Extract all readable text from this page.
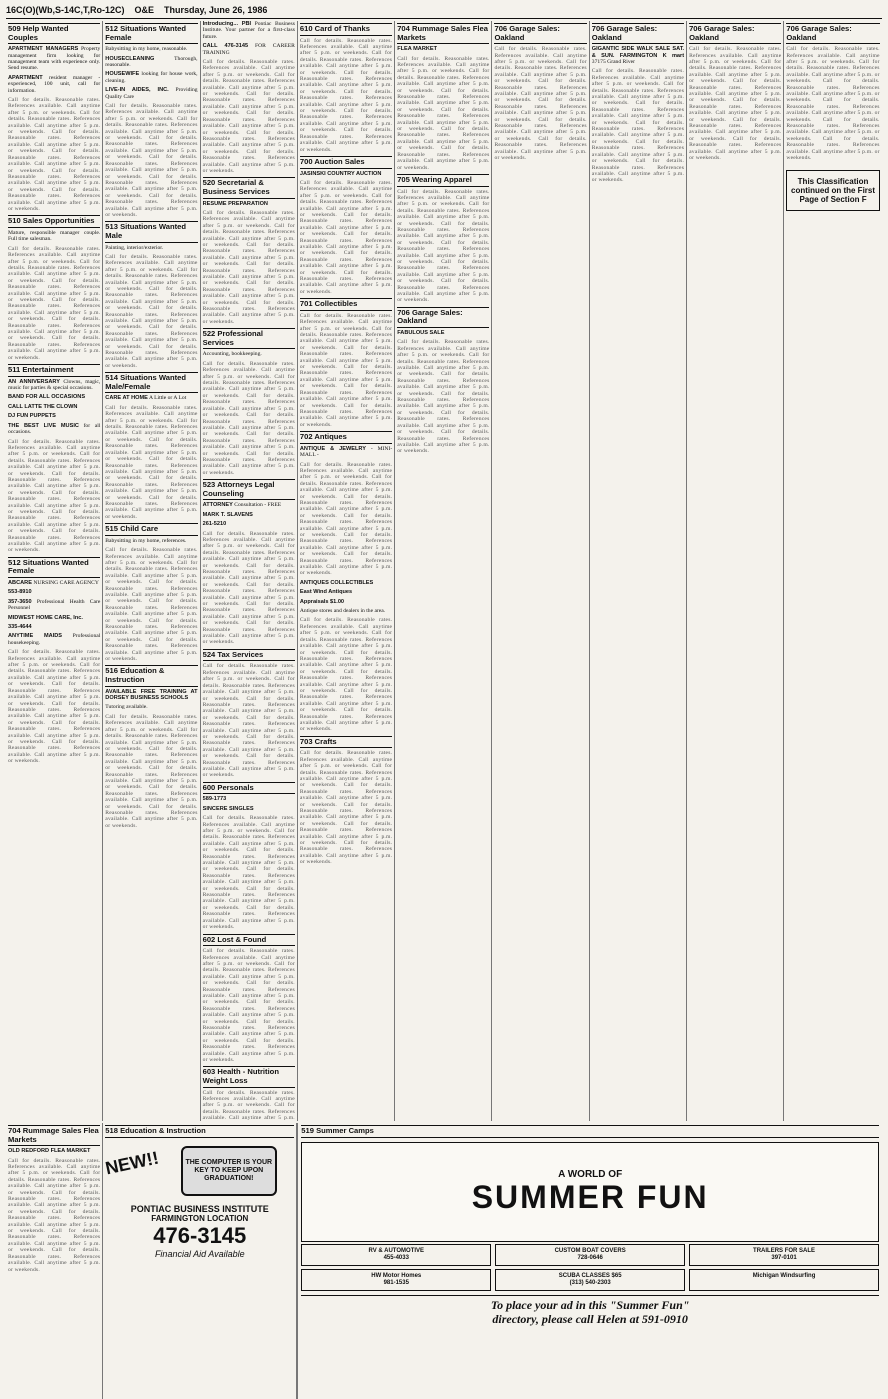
16C(O)(Wb,S-14C,T,Ro-12C) O&E Thursday, June 26, 1986
509 Help Wanted Couples
APARTMENT MANAGERS Property management firm looking for management team with experience only. Send resume.
APARTMENT resident manager - experienced, 100 unit, call for information.
Call for details. Reasonable rates. References available. Call anytime after 5 p.m. or weekends. Call for details. Reasonable rates. References available. Call anytime after 5 p.m. or weekends. Call for details. Reasonable rates. References available. Call anytime after 5 p.m. or weekends. Call for details. Reasonable rates. References available. Call anytime after 5 p.m. or weekends. Call for details. Reasonable rates. References available. Call anytime after 5 p.m. or weekends. Call for details. Reasonable rates. References available. Call anytime after 5 p.m. or weekends.
510 Sales Opportunities
Mature, responsible manager couple. Full time salesman.
Call for details. Reasonable rates. References available. Call anytime after 5 p.m. or weekends. Call for details. Reasonable rates. References available. Call anytime after 5 p.m. or weekends. Call for details. Reasonable rates. References available. Call anytime after 5 p.m. or weekends. Call for details. Reasonable rates. References available. Call anytime after 5 p.m. or weekends. Call for details. Reasonable rates. References available. Call anytime after 5 p.m. or weekends. Call for details. Reasonable rates. References available. Call anytime after 5 p.m. or weekends.
511 Entertainment
AN ANNIVERSARY Clowns, magic, music for parties & special occasions.
BAND FOR ALL OCCASIONS
CALL LATTE THE CLOWN
DJ FUN PUPPETS
THE BEST LIVE MUSIC for all occasions.
Call for details. Reasonable rates. References available. Call anytime after 5 p.m. or weekends. Call for details. Reasonable rates. References available. Call anytime after 5 p.m. or weekends. Call for details. Reasonable rates. References available. Call anytime after 5 p.m. or weekends. Call for details. Reasonable rates. References available. Call anytime after 5 p.m. or weekends. Call for details. Reasonable rates. References available. Call anytime after 5 p.m. or weekends. Call for details. Reasonable rates. References available. Call anytime after 5 p.m. or weekends.
512 Situations Wanted Female
ABCARE NURSING CARE AGENCY
553-8910
357-3650 Professional Health Care Personnel
MIDWEST HOME CARE, Inc.
335-4644
ANYTIME MAIDS Professional housekeeping.
Call for details. Reasonable rates. References available. Call anytime after 5 p.m. or weekends. Call for details. Reasonable rates. References available. Call anytime after 5 p.m. or weekends. Call for details. Reasonable rates. References available. Call anytime after 5 p.m. or weekends. Call for details. Reasonable rates. References available. Call anytime after 5 p.m. or weekends. Call for details. Reasonable rates. References available. Call anytime after 5 p.m. or weekends. Call for details. Reasonable rates. References available. Call anytime after 5 p.m. or weekends.
512 Situations Wanted Female
Babysitting in my home, reasonable.
HOUSECLEANING	Thorough, reasonable.
HOUSEWIFE looking for house work, cleaning.
LIVE-IN AIDES, INC. Providing Quality Care
Call for details. Reasonable rates. References available. Call anytime after 5 p.m. or weekends. Call for details. Reasonable rates. References available. Call anytime after 5 p.m. or weekends. Call for details. Reasonable rates. References available. Call anytime after 5 p.m. or weekends. Call for details. Reasonable rates. References available. Call anytime after 5 p.m. or weekends. Call for details. Reasonable rates. References available. Call anytime after 5 p.m. or weekends. Call for details. Reasonable rates. References available. Call anytime after 5 p.m. or weekends.
513 Situations Wanted Male
Painting, interior/exterior.
Call for details. Reasonable rates. References available. Call anytime after 5 p.m. or weekends. Call for details. Reasonable rates. References available. Call anytime after 5 p.m. or weekends. Call for details. Reasonable rates. References available. Call anytime after 5 p.m. or weekends. Call for details. Reasonable rates. References available. Call anytime after 5 p.m. or weekends. Call for details. Reasonable rates. References available. Call anytime after 5 p.m. or weekends. Call for details. Reasonable rates. References available. Call anytime after 5 p.m. or weekends.
514 Situations Wanted Male/Female
CARE AT HOME A Little or A Lot
Call for details. Reasonable rates. References available. Call anytime after 5 p.m. or weekends. Call for details. Reasonable rates. References available. Call anytime after 5 p.m. or weekends. Call for details. Reasonable rates. References available. Call anytime after 5 p.m. or weekends. Call for details. Reasonable rates. References available. Call anytime after 5 p.m. or weekends. Call for details. Reasonable rates. References available. Call anytime after 5 p.m. or weekends. Call for details. Reasonable rates. References available. Call anytime after 5 p.m. or weekends.
515 Child Care
Babysitting in my home, references.
Call for details. Reasonable rates. References available. Call anytime after 5 p.m. or weekends. Call for details. Reasonable rates. References available. Call anytime after 5 p.m. or weekends. Call for details. Reasonable rates. References available. Call anytime after 5 p.m. or weekends. Call for details. Reasonable rates. References available. Call anytime after 5 p.m. or weekends. Call for details. Reasonable rates. References available. Call anytime after 5 p.m. or weekends. Call for details. Reasonable rates. References available. Call anytime after 5 p.m. or weekends.
516 Education & Instruction
AVAILABLE FREE TRAINING AT DORSEY BUSINESS SCHOOLS
Tutoring available.
Call for details. Reasonable rates. References available. Call anytime after 5 p.m. or weekends. Call for details. Reasonable rates. References available. Call anytime after 5 p.m. or weekends. Call for details. Reasonable rates. References available. Call anytime after 5 p.m. or weekends. Call for details. Reasonable rates. References available. Call anytime after 5 p.m. or weekends. Call for details. Reasonable rates. References available. Call anytime after 5 p.m. or weekends. Call for details. Reasonable rates. References available. Call anytime after 5 p.m. or weekends.
Introducing... PBI Pontiac Business Institute. Your partner for a first-class future.
CALL 476-3145 FOR CAREER TRAINING
Call for details. Reasonable rates. References available. Call anytime after 5 p.m. or weekends. Call for details. Reasonable rates. References available. Call anytime after 5 p.m. or weekends. Call for details. Reasonable rates. References available. Call anytime after 5 p.m. or weekends. Call for details. Reasonable rates. References available. Call anytime after 5 p.m. or weekends. Call for details. Reasonable rates. References available. Call anytime after 5 p.m. or weekends. Call for details. Reasonable rates. References available. Call anytime after 5 p.m. or weekends.
520 Secretarial & Business Services
RESUME PREPARATION
Call for details. Reasonable rates. References available. Call anytime after 5 p.m. or weekends. Call for details. Reasonable rates. References available. Call anytime after 5 p.m. or weekends. Call for details. Reasonable rates. References available. Call anytime after 5 p.m. or weekends. Call for details. Reasonable rates. References available. Call anytime after 5 p.m. or weekends. Call for details. Reasonable rates. References available. Call anytime after 5 p.m. or weekends. Call for details. Reasonable rates. References available. Call anytime after 5 p.m. or weekends.
522 Professional Services
Accounting, bookkeeping.
Call for details. Reasonable rates. References available. Call anytime after 5 p.m. or weekends. Call for details. Reasonable rates. References available. Call anytime after 5 p.m. or weekends. Call for details. Reasonable rates. References available. Call anytime after 5 p.m. or weekends. Call for details. Reasonable rates. References available. Call anytime after 5 p.m. or weekends. Call for details. Reasonable rates. References available. Call anytime after 5 p.m. or weekends. Call for details. Reasonable rates. References available. Call anytime after 5 p.m. or weekends.
523 Attorneys Legal Counseling
ATTORNEY Consultation - FREE
MARK T. SLAVENS
261-5210
Call for details. Reasonable rates. References available. Call anytime after 5 p.m. or weekends. Call for details. Reasonable rates. References available. Call anytime after 5 p.m. or weekends. Call for details. Reasonable rates. References available. Call anytime after 5 p.m. or weekends. Call for details. Reasonable rates. References available. Call anytime after 5 p.m. or weekends. Call for details. Reasonable rates. References available. Call anytime after 5 p.m. or weekends. Call for details. Reasonable rates. References available. Call anytime after 5 p.m. or weekends.
524 Tax Services
Call for details. Reasonable rates. References available. Call anytime after 5 p.m. or weekends. Call for details. Reasonable rates. References available. Call anytime after 5 p.m. or weekends. Call for details. Reasonable rates. References available. Call anytime after 5 p.m. or weekends. Call for details. Reasonable rates. References available. Call anytime after 5 p.m. or weekends. Call for details. Reasonable rates. References available. Call anytime after 5 p.m. or weekends. Call for details. Reasonable rates. References available. Call anytime after 5 p.m. or weekends.
600 Personals
589-1773
SINCERE SINGLES
Call for details. Reasonable rates. References available. Call anytime after 5 p.m. or weekends. Call for details. Reasonable rates. References available. Call anytime after 5 p.m. or weekends. Call for details. Reasonable rates. References available. Call anytime after 5 p.m. or weekends. Call for details. Reasonable rates. References available. Call anytime after 5 p.m. or weekends. Call for details. Reasonable rates. References available. Call anytime after 5 p.m. or weekends. Call for details. Reasonable rates. References available. Call anytime after 5 p.m. or weekends.
602 Lost & Found
Call for details. Reasonable rates. References available. Call anytime after 5 p.m. or weekends. Call for details. Reasonable rates. References available. Call anytime after 5 p.m. or weekends. Call for details. Reasonable rates. References available. Call anytime after 5 p.m. or weekends. Call for details. Reasonable rates. References available. Call anytime after 5 p.m. or weekends. Call for details. Reasonable rates. References available. Call anytime after 5 p.m. or weekends. Call for details. Reasonable rates. References available. Call anytime after 5 p.m. or weekends.
603 Health - Nutrition Weight Loss
Call for details. Reasonable rates. References available. Call anytime after 5 p.m. or weekends. Call for details. Reasonable rates. References available. Call anytime after 5 p.m.
610 Card of Thanks
Call for details. Reasonable rates. References available. Call anytime after 5 p.m. or weekends. Call for details. Reasonable rates. References available. Call anytime after 5 p.m. or weekends. Call for details. Reasonable rates. References available. Call anytime after 5 p.m. or weekends. Call for details. Reasonable rates. References available. Call anytime after 5 p.m. or weekends. Call for details. Reasonable rates. References available. Call anytime after 5 p.m. or weekends. Call for details. Reasonable rates. References available. Call anytime after 5 p.m. or weekends.
700 Auction Sales
JASINSKI COUNTRY AUCTION
Call for details. Reasonable rates. References available. Call anytime after 5 p.m. or weekends. Call for details. Reasonable rates. References available. Call anytime after 5 p.m. or weekends. Call for details. Reasonable rates. References available. Call anytime after 5 p.m. or weekends. Call for details. Reasonable rates. References available. Call anytime after 5 p.m. or weekends. Call for details. Reasonable rates. References available. Call anytime after 5 p.m. or weekends. Call for details. Reasonable rates. References available. Call anytime after 5 p.m. or weekends.
701 Collectibles
Call for details. Reasonable rates. References available. Call anytime after 5 p.m. or weekends. Call for details. Reasonable rates. References available. Call anytime after 5 p.m. or weekends. Call for details. Reasonable rates. References available. Call anytime after 5 p.m. or weekends. Call for details. Reasonable rates. References available. Call anytime after 5 p.m. or weekends. Call for details. Reasonable rates. References available. Call anytime after 5 p.m. or weekends. Call for details. Reasonable rates. References available. Call anytime after 5 p.m. or weekends.
702 Antiques
ANTIQUE & JEWELRY - MINI-MALL -
Call for details. Reasonable rates. References available. Call anytime after 5 p.m. or weekends. Call for details. Reasonable rates. References available. Call anytime after 5 p.m. or weekends. Call for details. Reasonable rates. References available. Call anytime after 5 p.m. or weekends. Call for details. Reasonable rates. References available. Call anytime after 5 p.m. or weekends. Call for details. Reasonable rates. References available. Call anytime after 5 p.m. or weekends. Call for details. Reasonable rates. References available. Call anytime after 5 p.m. or weekends.
ANTIQUES COLLECTIBLES
East Wind Antiques
Appraisals $1.00
Antique stores and dealers in the area.
Call for details. Reasonable rates. References available. Call anytime after 5 p.m. or weekends. Call for details. Reasonable rates. References available. Call anytime after 5 p.m. or weekends. Call for details. Reasonable rates. References available. Call anytime after 5 p.m. or weekends. Call for details. Reasonable rates. References available. Call anytime after 5 p.m. or weekends. Call for details. Reasonable rates. References available. Call anytime after 5 p.m. or weekends. Call for details. Reasonable rates. References available. Call anytime after 5 p.m. or weekends.
703 Crafts
Call for details. Reasonable rates. References available. Call anytime after 5 p.m. or weekends. Call for details. Reasonable rates. References available. Call anytime after 5 p.m. or weekends. Call for details. Reasonable rates. References available. Call anytime after 5 p.m. or weekends. Call for details. Reasonable rates. References available. Call anytime after 5 p.m. or weekends. Call for details. Reasonable rates. References available. Call anytime after 5 p.m. or weekends. Call for details. Reasonable rates. References available. Call anytime after 5 p.m. or weekends.
704 Rummage Sales Flea Markets
FLEA MARKET
Call for details. Reasonable rates. References available. Call anytime after 5 p.m. or weekends. Call for details. Reasonable rates. References available. Call anytime after 5 p.m. or weekends. Call for details. Reasonable rates. References available. Call anytime after 5 p.m. or weekends. Call for details. Reasonable rates. References available. Call anytime after 5 p.m. or weekends. Call for details. Reasonable rates. References available. Call anytime after 5 p.m. or weekends. Call for details. Reasonable rates. References available. Call anytime after 5 p.m. or weekends.
705 Wearing Apparel
Call for details. Reasonable rates. References available. Call anytime after 5 p.m. or weekends. Call for details. Reasonable rates. References available. Call anytime after 5 p.m. or weekends. Call for details. Reasonable rates. References available. Call anytime after 5 p.m. or weekends. Call for details. Reasonable rates. References available. Call anytime after 5 p.m. or weekends. Call for details. Reasonable rates. References available. Call anytime after 5 p.m. or weekends. Call for details. Reasonable rates. References available. Call anytime after 5 p.m. or weekends.
706 Garage Sales: Oakland
FABULOUS SALE
Call for details. Reasonable rates. References available. Call anytime after 5 p.m. or weekends. Call for details. Reasonable rates. References available. Call anytime after 5 p.m. or weekends. Call for details. Reasonable rates. References available. Call anytime after 5 p.m. or weekends. Call for details. Reasonable rates. References available. Call anytime after 5 p.m. or weekends. Call for details. Reasonable rates. References available. Call anytime after 5 p.m. or weekends. Call for details. Reasonable rates. References available. Call anytime after 5 p.m. or weekends.
706 Garage Sales: Oakland
Call for details. Reasonable rates. References available. Call anytime after 5 p.m. or weekends. Call for details. Reasonable rates. References available. Call anytime after 5 p.m. or weekends. Call for details. Reasonable rates. References available. Call anytime after 5 p.m. or weekends. Call for details. Reasonable rates. References available. Call anytime after 5 p.m. or weekends. Call for details. Reasonable rates. References available. Call anytime after 5 p.m. or weekends. Call for details. Reasonable rates. References available. Call anytime after 5 p.m. or weekends.
706 Garage Sales: Oakland
GIGANTIC SIDE WALK SALE SAT. & SUN. FARMINGTON K mart 37175 Grand River
Call for details. Reasonable rates. References available. Call anytime after 5 p.m. or weekends. Call for details. Reasonable rates. References available. Call anytime after 5 p.m. or weekends. Call for details. Reasonable rates. References available. Call anytime after 5 p.m. or weekends. Call for details. Reasonable rates. References available. Call anytime after 5 p.m. or weekends. Call for details. Reasonable rates. References available. Call anytime after 5 p.m. or weekends. Call for details. Reasonable rates. References available. Call anytime after 5 p.m. or weekends.
706 Garage Sales: Oakland
Call for details. Reasonable rates. References available. Call anytime after 5 p.m. or weekends. Call for details. Reasonable rates. References available. Call anytime after 5 p.m. or weekends. Call for details. Reasonable rates. References available. Call anytime after 5 p.m. or weekends. Call for details. Reasonable rates. References available. Call anytime after 5 p.m. or weekends. Call for details. Reasonable rates. References available. Call anytime after 5 p.m. or weekends. Call for details. Reasonable rates. References available. Call anytime after 5 p.m. or weekends.
706 Garage Sales: Oakland
Call for details. Reasonable rates. References available. Call anytime after 5 p.m. or weekends. Call for details. Reasonable rates. References available. Call anytime after 5 p.m. or weekends. Call for details. Reasonable rates. References available. Call anytime after 5 p.m. or weekends. Call for details. Reasonable rates. References available. Call anytime after 5 p.m. or weekends. Call for details. Reasonable rates. References available. Call anytime after 5 p.m. or weekends. Call for details. Reasonable rates. References available. Call anytime after 5 p.m. or weekends.
This Classification continued on the First Page of Section F
704 Rummage Sales Flea Markets
OLD REDFORD FLEA MARKET
Call for details. Reasonable rates. References available. Call anytime after 5 p.m. or weekends. Call for details. Reasonable rates. References available. Call anytime after 5 p.m. or weekends. Call for details. Reasonable rates. References available. Call anytime after 5 p.m. or weekends. Call for details. Reasonable rates. References available. Call anytime after 5 p.m. or weekends. Call for details. Reasonable rates. References available. Call anytime after 5 p.m. or weekends. Call for details. Reasonable rates. References available. Call anytime after 5 p.m. or weekends.
518 Education & Instruction
NEW!!	THE COMPUTER IS YOUR KEY TO KEEP UPON GRADUATION!
PONTIAC BUSINESS INSTITUTE
FARMINGTON LOCATION
476-3145
Financial Aid Available
519 Summer Camps
A WORLD OF
SUMMER FUN
RV & AUTOMOTIVE
455-4033
CUSTOM BOAT COVERS
728-0646
TRAILERS FOR SALE
397-0101
HW Motor Homes
981-1535
SCUBA CLASSES $65
(313) 540-2303
Michigan Windsurfing
To place your ad in this "Summer Fun"
directory, please call Helen at 591-0910
